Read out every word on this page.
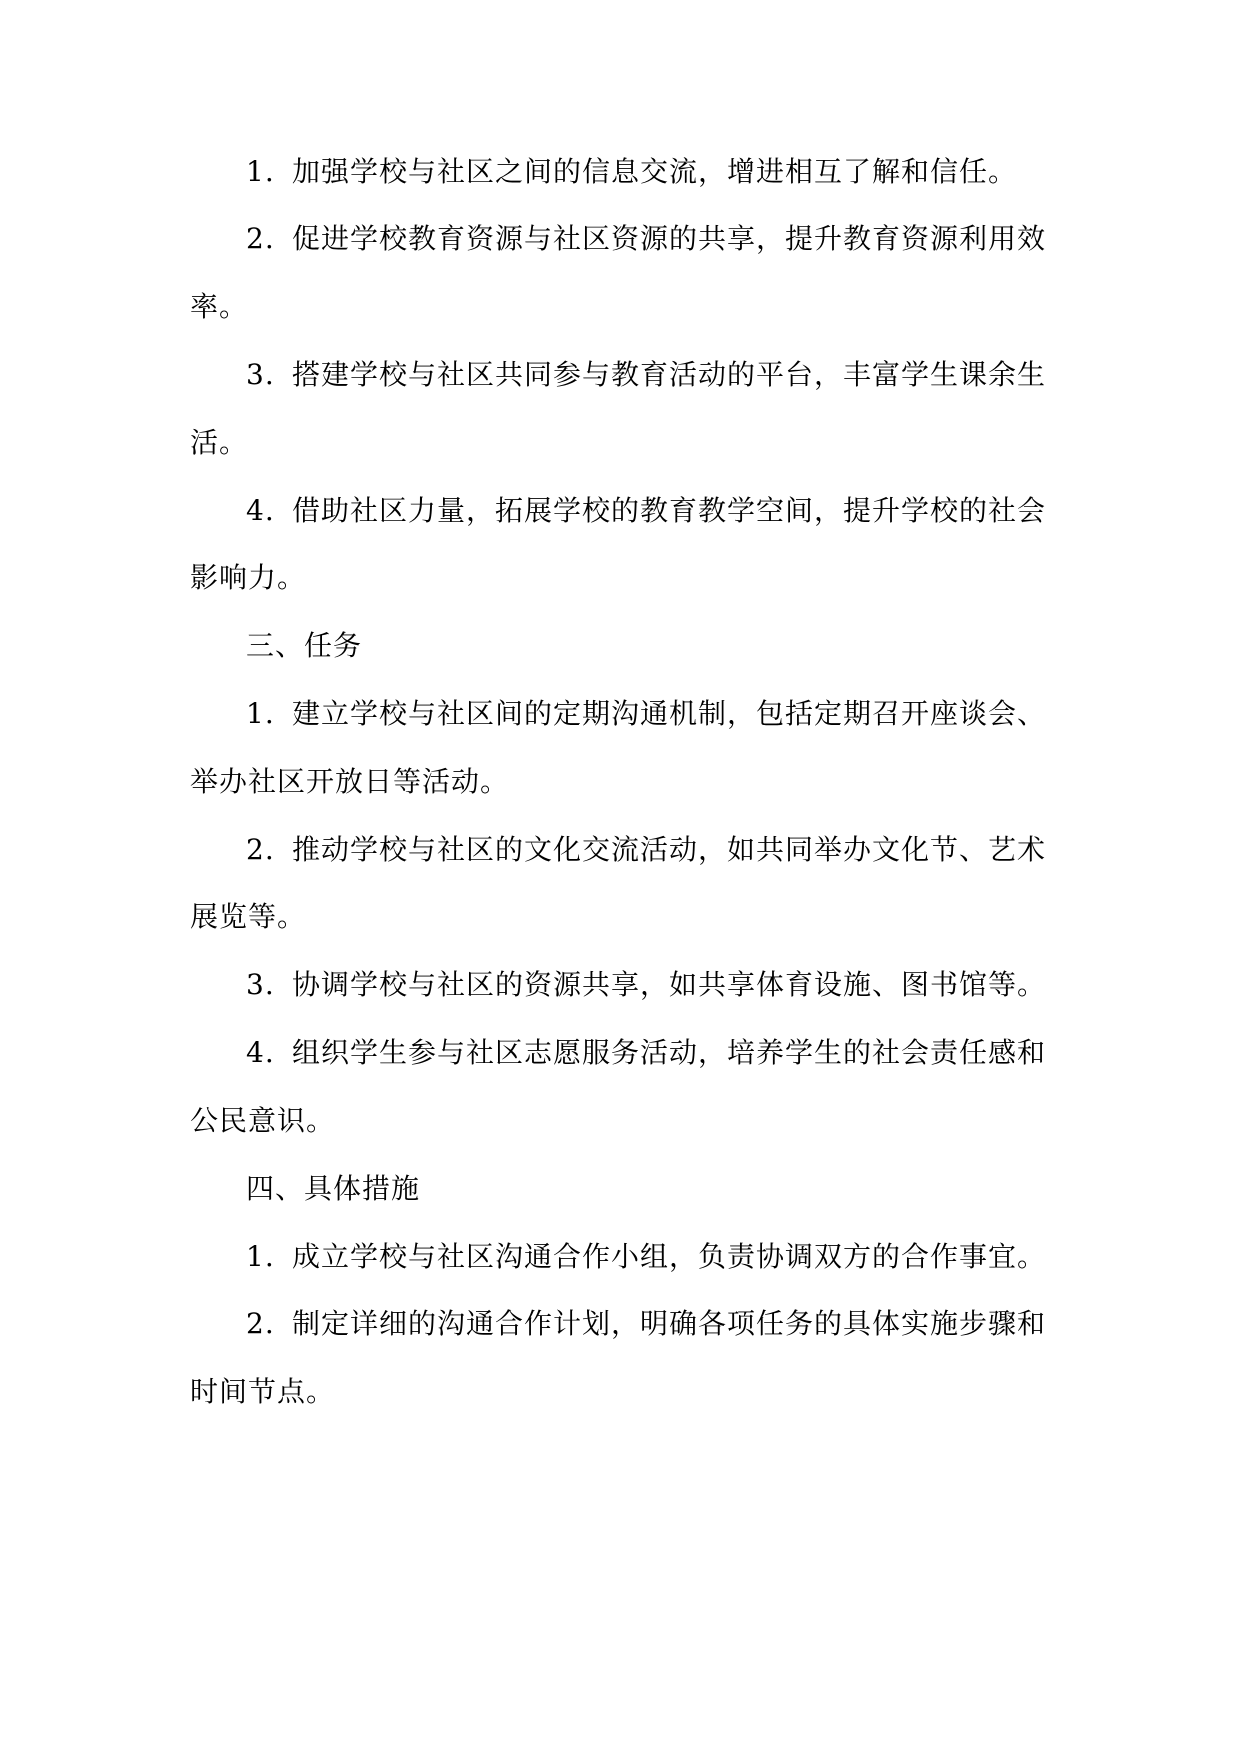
1. 加强学校与社区之间的信息交流，增进相互了解和信任。
2. 促进学校教育资源与社区资源的共享，提升教育资源利用效
率。
3. 搭建学校与社区共同参与教育活动的平台，丰富学生课余生
活。
4. 借助社区力量，拓展学校的教育教学空间，提升学校的社会
影响力。
三、任务
1. 建立学校与社区间的定期沟通机制，包括定期召开座谈会、
举办社区开放日等活动。
2. 推动学校与社区的文化交流活动，如共同举办文化节、艺术
展览等。
3. 协调学校与社区的资源共享，如共享体育设施、图书馆等。
4. 组织学生参与社区志愿服务活动，培养学生的社会责任感和
公民意识。
四、具体措施
1. 成立学校与社区沟通合作小组，负责协调双方的合作事宜。
2. 制定详细的沟通合作计划，明确各项任务的具体实施步骤和
时间节点。
